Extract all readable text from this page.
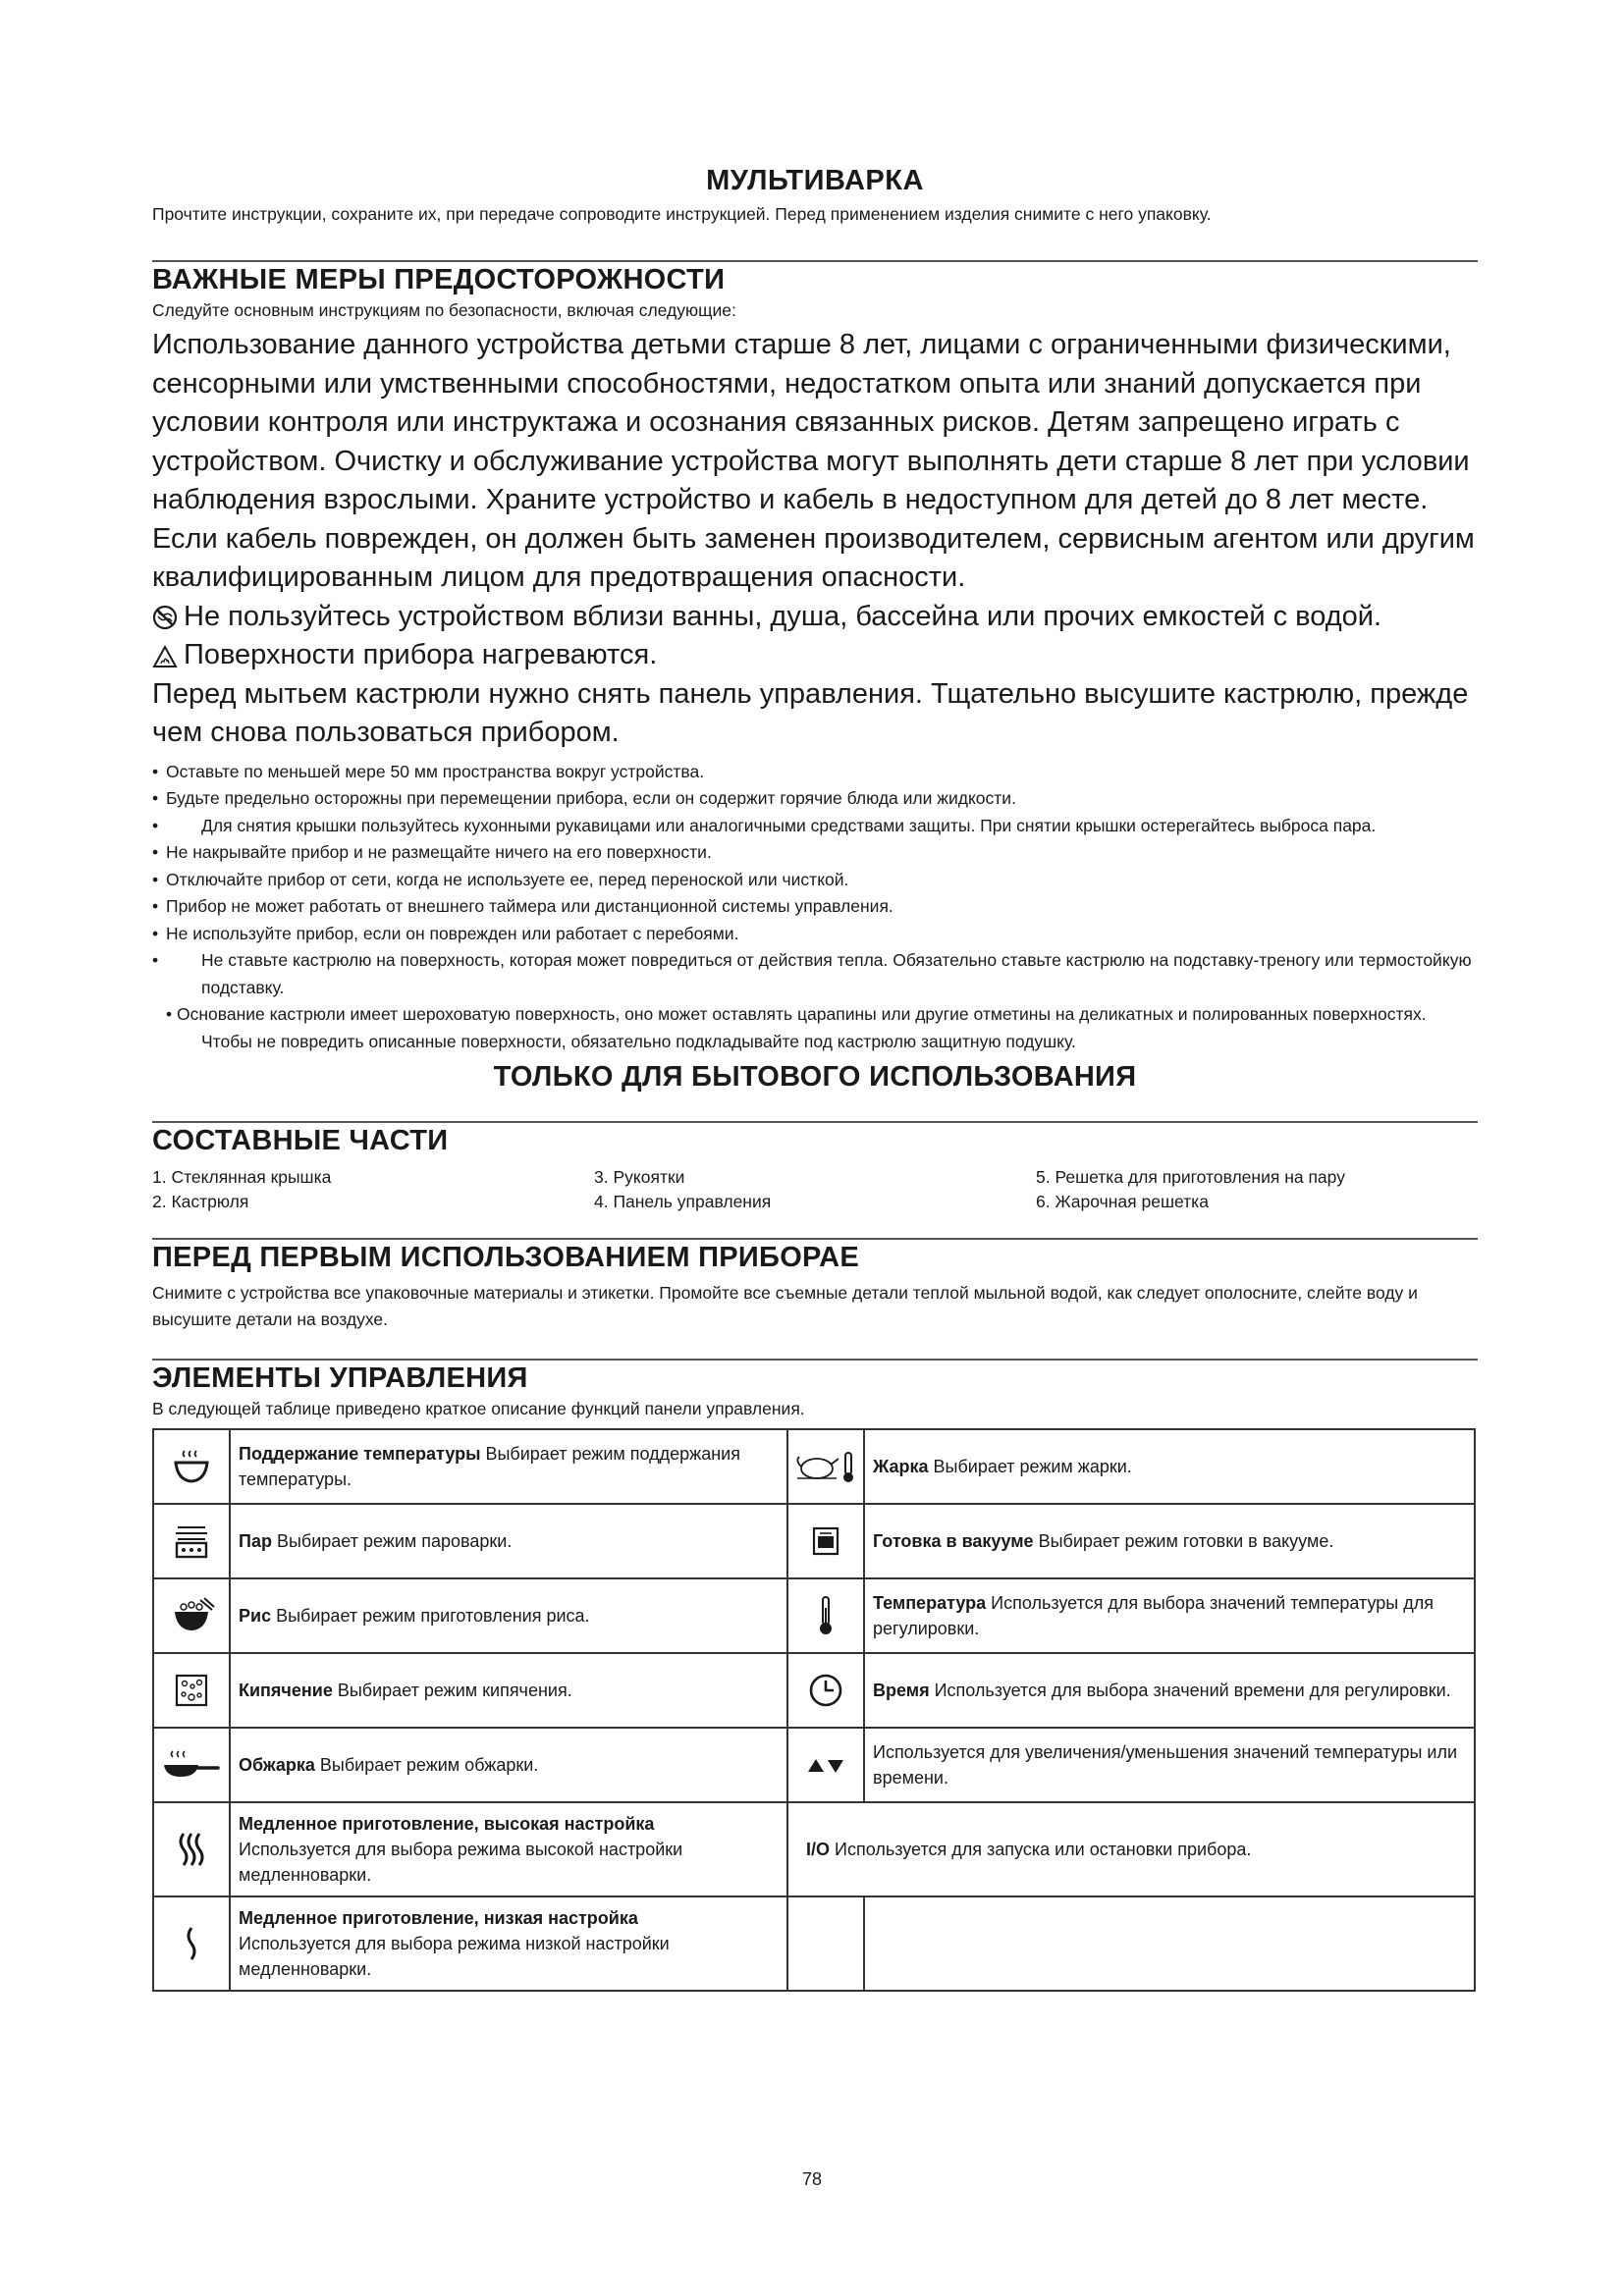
МУЛЬТИВАРКА
Прочтите инструкции, сохраните их, при передаче сопроводите инструкцией. Перед применением изделия снимите с него упаковку.
ВАЖНЫЕ МЕРЫ ПРЕДОСТОРОЖНОСТИ
Следуйте основным инструкциям по безопасности, включая следующие:

Использование данного устройства детьми старше 8 лет, лицами с ограниченными физическими, сенсорными или умственными способностями, недостатком опыта или знаний допускается при условии контроля или инструктажа и осознания связанных рисков. Детям запрещено играть с устройством. Очистку и обслуживание устройства могут выполнять дети старше 8 лет при условии наблюдения взрослыми. Храните устройство и кабель в недоступном для детей до 8 лет месте.

Если кабель поврежден, он должен быть заменен производителем, сервисным агентом или другим квалифицированным лицом для предотвращения опасности.

Не пользуйтесь устройством вблизи ванны, душа, бассейна или прочих емкостей с водой.

Поверхности прибора нагреваются.

Перед мытьем кастрюли нужно снять панель управления. Тщательно высушите кастрюлю, прежде чем снова пользоваться прибором.

• Оставьте по меньшей мере 50 мм пространства вокруг устройства.
• Будьте предельно осторожны при перемещении прибора, если он содержит горячие блюда или жидкости.
• Для снятия крышки пользуйтесь кухонными рукавицами или аналогичными средствами защиты. При снятии крышки остерегайтесь выброса пара.
• Не накрывайте прибор и не размещайте ничего на его поверхности.
• Отключайте прибор от сети, когда не используете ее, перед переноской или чисткой.
• Прибор не может работать от внешнего таймера или дистанционной системы управления.
• Не используйте прибор, если он поврежден или работает с перебоями.
• Не ставьте кастрюлю на поверхность, которая может повредиться от действия тепла. Обязательно ставьте кастрюлю на подставку-треногу или термостойкую подставку.
• Основание кастрюли имеет шероховатую поверхность, оно может оставлять царапины или другие отметины на деликатных и полированных поверхностях. Чтобы не повредить описанные поверхности, обязательно подкладывайте под кастрюлю защитную подушку.
ТОЛЬКО ДЛЯ БЫТОВОГО ИСПОЛЬЗОВАНИЯ
СОСТАВНЫЕ ЧАСТИ
1. Стеклянная крышка
2. Кастрюля
3. Рукоятки
4. Панель управления
5. Решетка для приготовления на пару
6. Жарочная решетка
ПЕРЕД ПЕРВЫМ ИСПОЛЬЗОВАНИЕМ ПРИБОРАЕ
Снимите с устройства все упаковочные материалы и этикетки. Промойте все съемные детали теплой мыльной водой, как следует ополосните, слейте воду и высушите детали на воздухе.
ЭЛЕМЕНТЫ УПРАВЛЕНИЯ
В следующей таблице приведено краткое описание функций панели управления.
	Поддержание температуры Выбирает режим поддержания температуры.		Жарка Выбирает режим жарки.
	Пар Выбирает режим пароварки.		Готовка в вакууме Выбирает режим готовки в вакууме.
	Рис Выбирает режим приготовления риса.		Температура Используется для выбора значений температуры для регулировки.
	Кипячение Выбирает режим кипячения.		Время Используется для выбора значений времени для регулировки.
	Обжарка Выбирает режим обжарки.		Используется для увеличения/уменьшения значений температуры или времени.
	Медленное приготовление, высокая настройка
Используется для выбора режима высокой настройки медленноварки.	I/O Используется для запуска или остановки прибора.	
	Медленное приготовление, низкая настройка
Используется для выбора режима низкой настройки медленноварки.		
78
